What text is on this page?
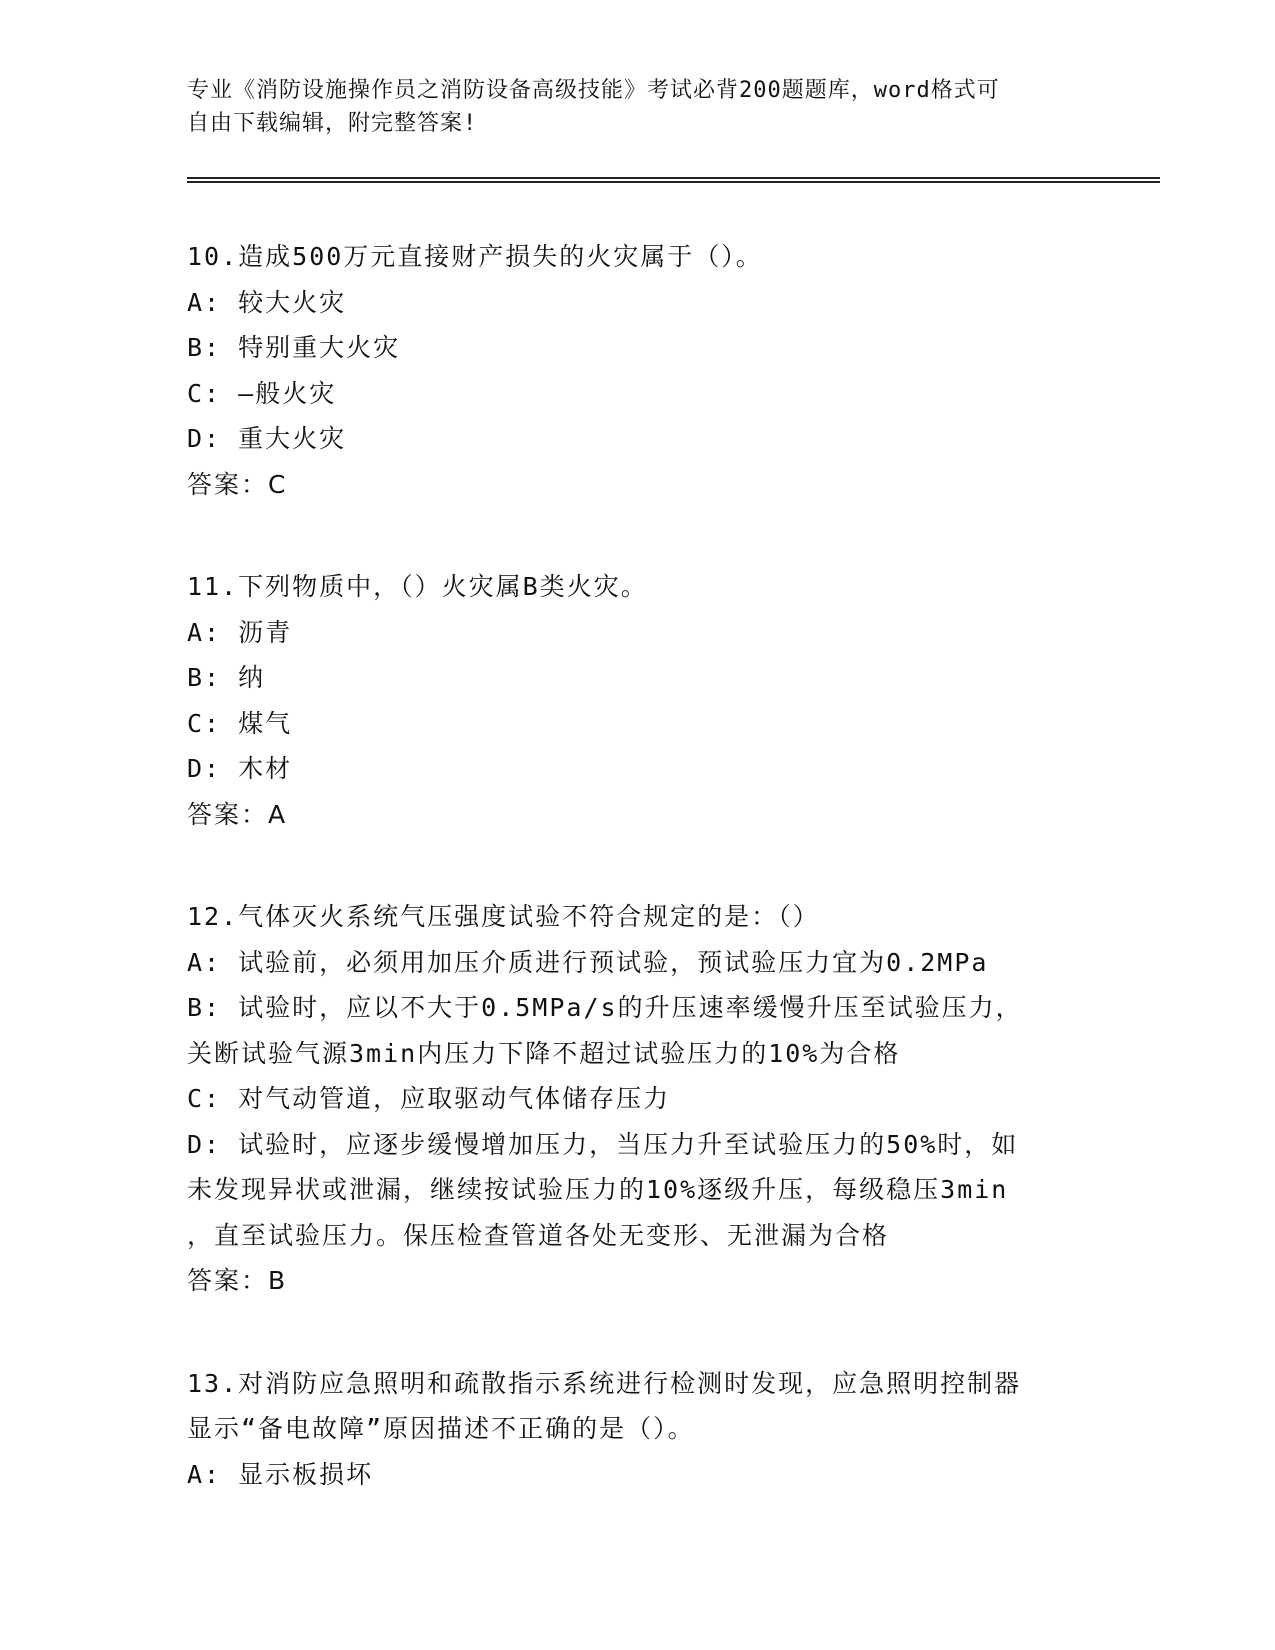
专业《消防设施操作员之消防设备高级技能》考试必背200题题库，word格式可
自由下载编辑，附完整答案!
10.造成500万元直接财产损失的火灾属于（）。
A: 较大火灾
B: 特别重大火灾
C: —般火灾
D: 重大火灾
答案：C
11.下列物质中，（）火灾属B类火灾。
A: 沥青
B: 纳
C: 煤气
D: 木材
答案：A
12.气体灭火系统气压强度试验不符合规定的是：（）
A: 试验前，必须用加压介质进行预试验，预试验压力宜为0.2MPa
B: 试验时，应以不大于0.5MPa/s的升压速率缓慢升压至试验压力，
关断试验气源3min内压力下降不超过试验压力的10%为合格
C: 对气动管道，应取驱动气体储存压力
D: 试验时，应逐步缓慢增加压力，当压力升至试验压力的50%时，如
未发现异状或泄漏，继续按试验压力的10%逐级升压，每级稳压3min
，直至试验压力。保压检查管道各处无变形、无泄漏为合格
答案：B
13.对消防应急照明和疏散指示系统进行检测时发现，应急照明控制器
显示“备电故障”原因描述不正确的是（）。
A: 显示板损坏
